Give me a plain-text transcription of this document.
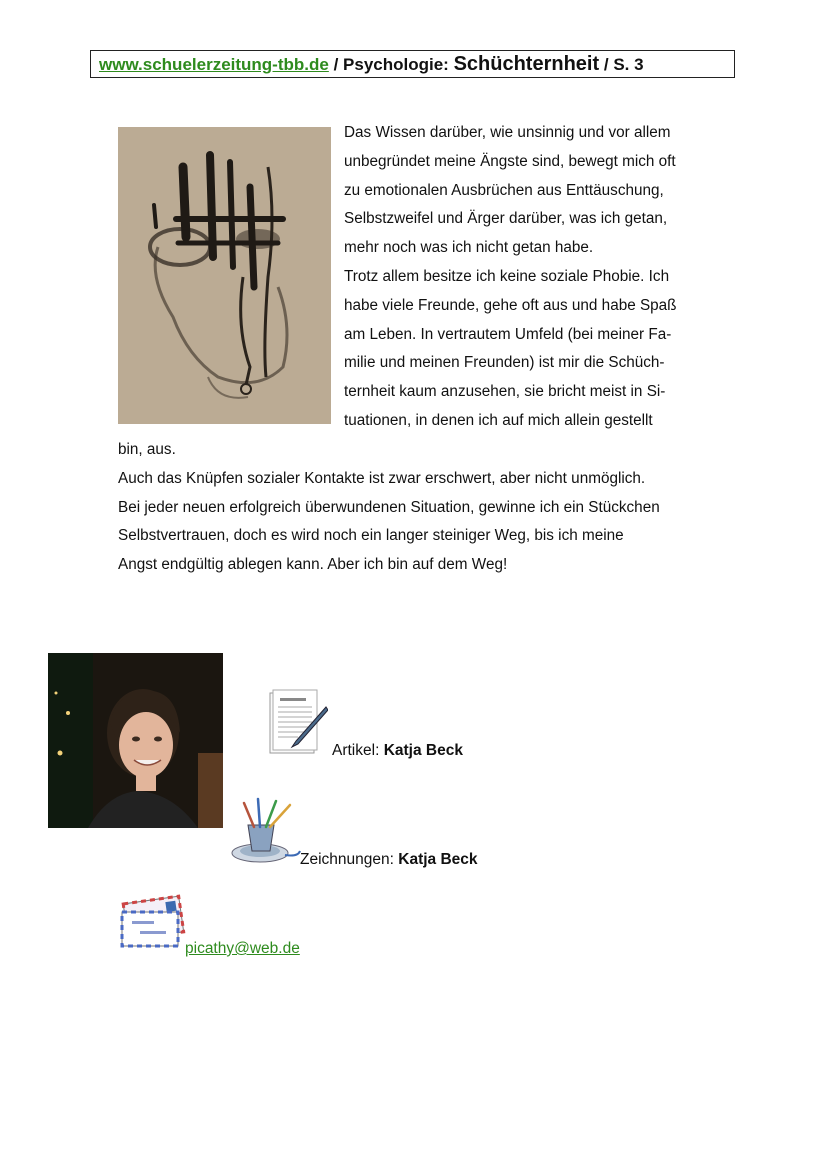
www.schuelerzeitung-tbb.de / Psychologie: Schüchternheit / S. 3

Das Wissen darüber, wie unsinnig und vor allem

unbegründet meine Ängste sind, bewegt mich oft

zu emotionalen Ausbrüchen aus Enttäuschung,

Selbstzweifel und Ärger darüber, was ich getan,

mehr noch was ich nicht getan habe.

Trotz allem besitze ich keine soziale Phobie. Ich

habe viele Freunde, gehe oft aus und habe Spaß

am Leben. In vertrautem Umfeld (bei meiner Fa-

milie und meinen Freunden) ist mir die Schüch-

ternheit kaum anzusehen, sie bricht meist in Si-

tuationen, in denen ich auf mich allein gestellt

bin, aus.

Auch das Knüpfen sozialer Kontakte ist zwar erschwert, aber nicht unmöglich.

Bei jeder neuen erfolgreich überwundenen Situation, gewinne ich ein Stückchen

Selbstvertrauen, doch es wird noch ein langer steiniger Weg, bis ich meine

Angst endgültig ablegen kann. Aber ich bin auf dem Weg!

Artikel: Katja Beck
Zeichnungen: Katja Beck
picathy@web.de
